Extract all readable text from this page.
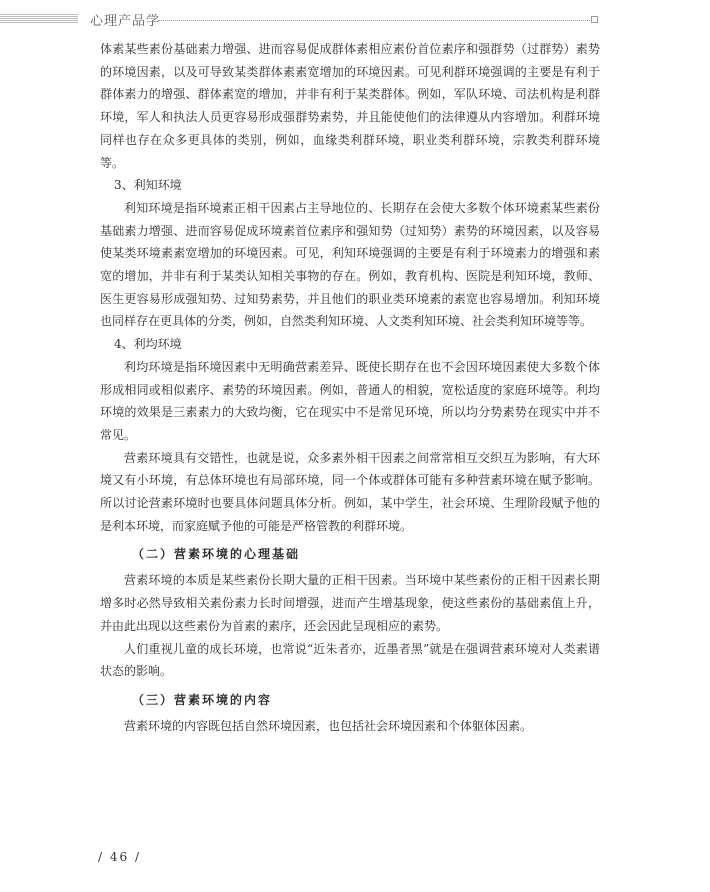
心理产品学

体素某些素份基础素力增强、进而容易促成群体素相应素份首位素序和强群势（过群势）素势的环境因素，以及可导致某类群体素素宽增加的环境因素。可见利群环境强调的主要是有利于群体素力的增强、群体素宽的增加，并非有利于某类群体。例如，军队环境、司法机构是利群环境，军人和执法人员更容易形成强群势素势，并且能使他们的法律遵从内容增加。利群环境同样也存在众多更具体的类别，例如，血缘类利群环境，职业类利群环境，宗教类利群环境等。

3、利知环境

利知环境是指环境素正相干因素占主导地位的、长期存在会使大多数个体环境素某些素份基础素力增强、进而容易促成环境素首位素序和强知势（过知势）素势的环境因素，以及容易使某类环境素素宽增加的环境因素。可见，利知环境强调的主要是有利于环境素力的增强和素宽的增加，并非有利于某类认知相关事物的存在。例如，教育机构、医院是利知环境，教师、医生更容易形成强知势、过知势素势，并且他们的职业类环境素的素宽也容易增加。利知环境也同样存在更具体的分类，例如，自然类利知环境、人文类利知环境、社会类利知环境等等。

4、利均环境

利均环境是指环境因素中无明确营素差异、既使长期存在也不会因环境因素使大多数个体形成相同或相似素序、素势的环境因素。例如，普通人的相貌，宽松适度的家庭环境等。利均环境的效果是三素素力的大致均衡，它在现实中不是常见环境，所以均分势素势在现实中并不常见。

营素环境具有交错性，也就是说，众多素外相干因素之间常常相互交织互为影响，有大环境又有小环境，有总体环境也有局部环境，同一个体或群体可能有多种营素环境在赋予影响。所以讨论营素环境时也要具体问题具体分析。例如，某中学生，社会环境、生理阶段赋予他的是利本环境，而家庭赋予他的可能是严格管教的利群环境。

（二）营素环境的心理基础

营素环境的本质是某些素份长期大量的正相干因素。当环境中某些素份的正相干因素长期增多时必然导致相关素份素力长时间增强，进而产生增基现象，使这些素份的基础素值上升，并由此出现以这些素份为首素的素序，还会因此呈现相应的素势。

人们重视儿童的成长环境，也常说“近朱者亦，近墨者黑”就是在强调营素环境对人类素谱状态的影响。

（三）营素环境的内容

营素环境的内容既包括自然环境因素，也包括社会环境因素和个体躯体因素。

/ 46 /
